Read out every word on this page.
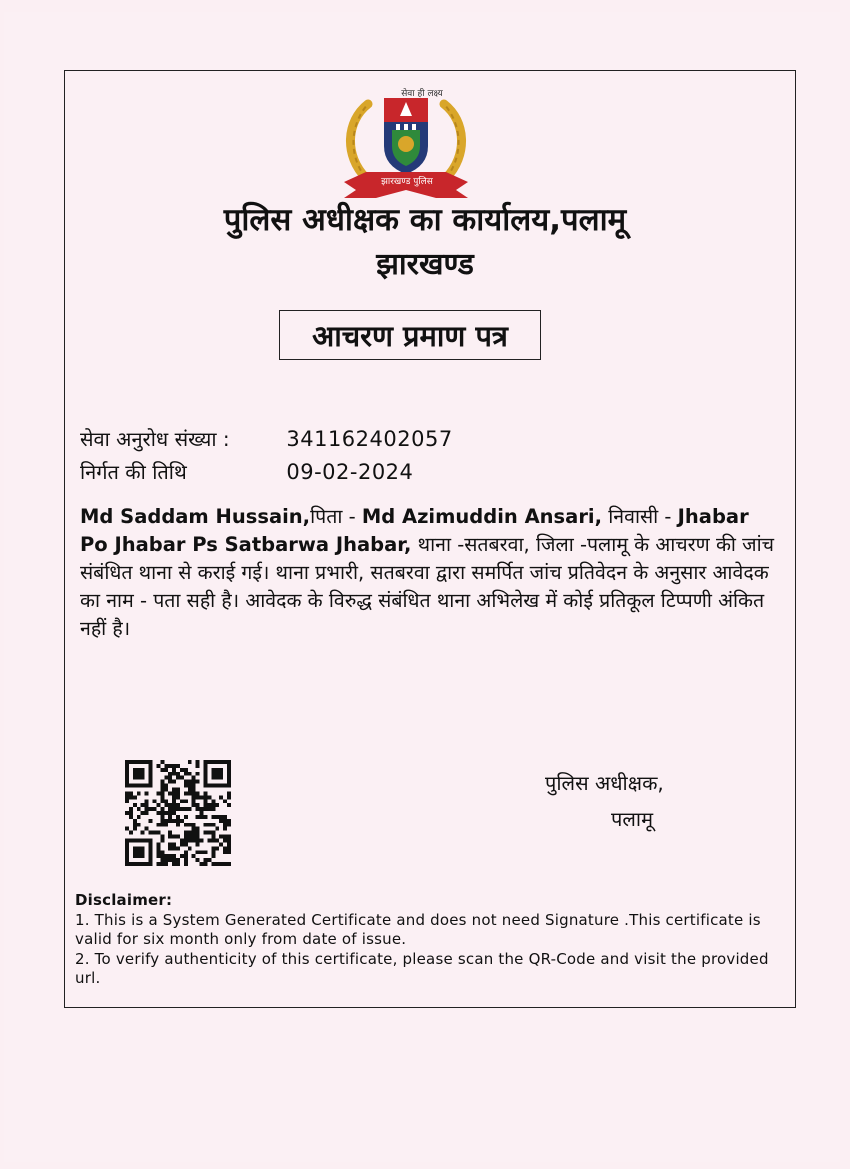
सेवा ही लक्ष्य
झारखण्ड पुलिस
पुलिस अधीक्षक का कार्यालय,पलामू
झारखण्ड
आचरण प्रमाण पत्र
सेवा अनुरोध संख्या :	341162402057
निर्गत की तिथि	09-02-2024
Md Saddam Hussain,पिता - Md Azimuddin Ansari, निवासी - Jhabar Po Jhabar Ps Satbarwa Jhabar, थाना -सतबरवा, जिला -पलामू के आचरण की जांच संबंधित थाना से कराई गई। थाना प्रभारी, सतबरवा द्वारा समर्पित जांच प्रतिवेदन के अनुसार आवेदक का नाम - पता सही है। आवेदक के विरुद्ध संबंधित थाना अभिलेख में कोई प्रतिकूल टिप्पणी अंकित नहीं है।
पुलिस अधीक्षक,
पलामू
Disclaimer:
1. This is a System Generated Certificate and does not need Signature .This certificate is valid for six month only from date of issue.
2. To verify authenticity of this certificate, please scan the QR-Code and visit the provided url.
